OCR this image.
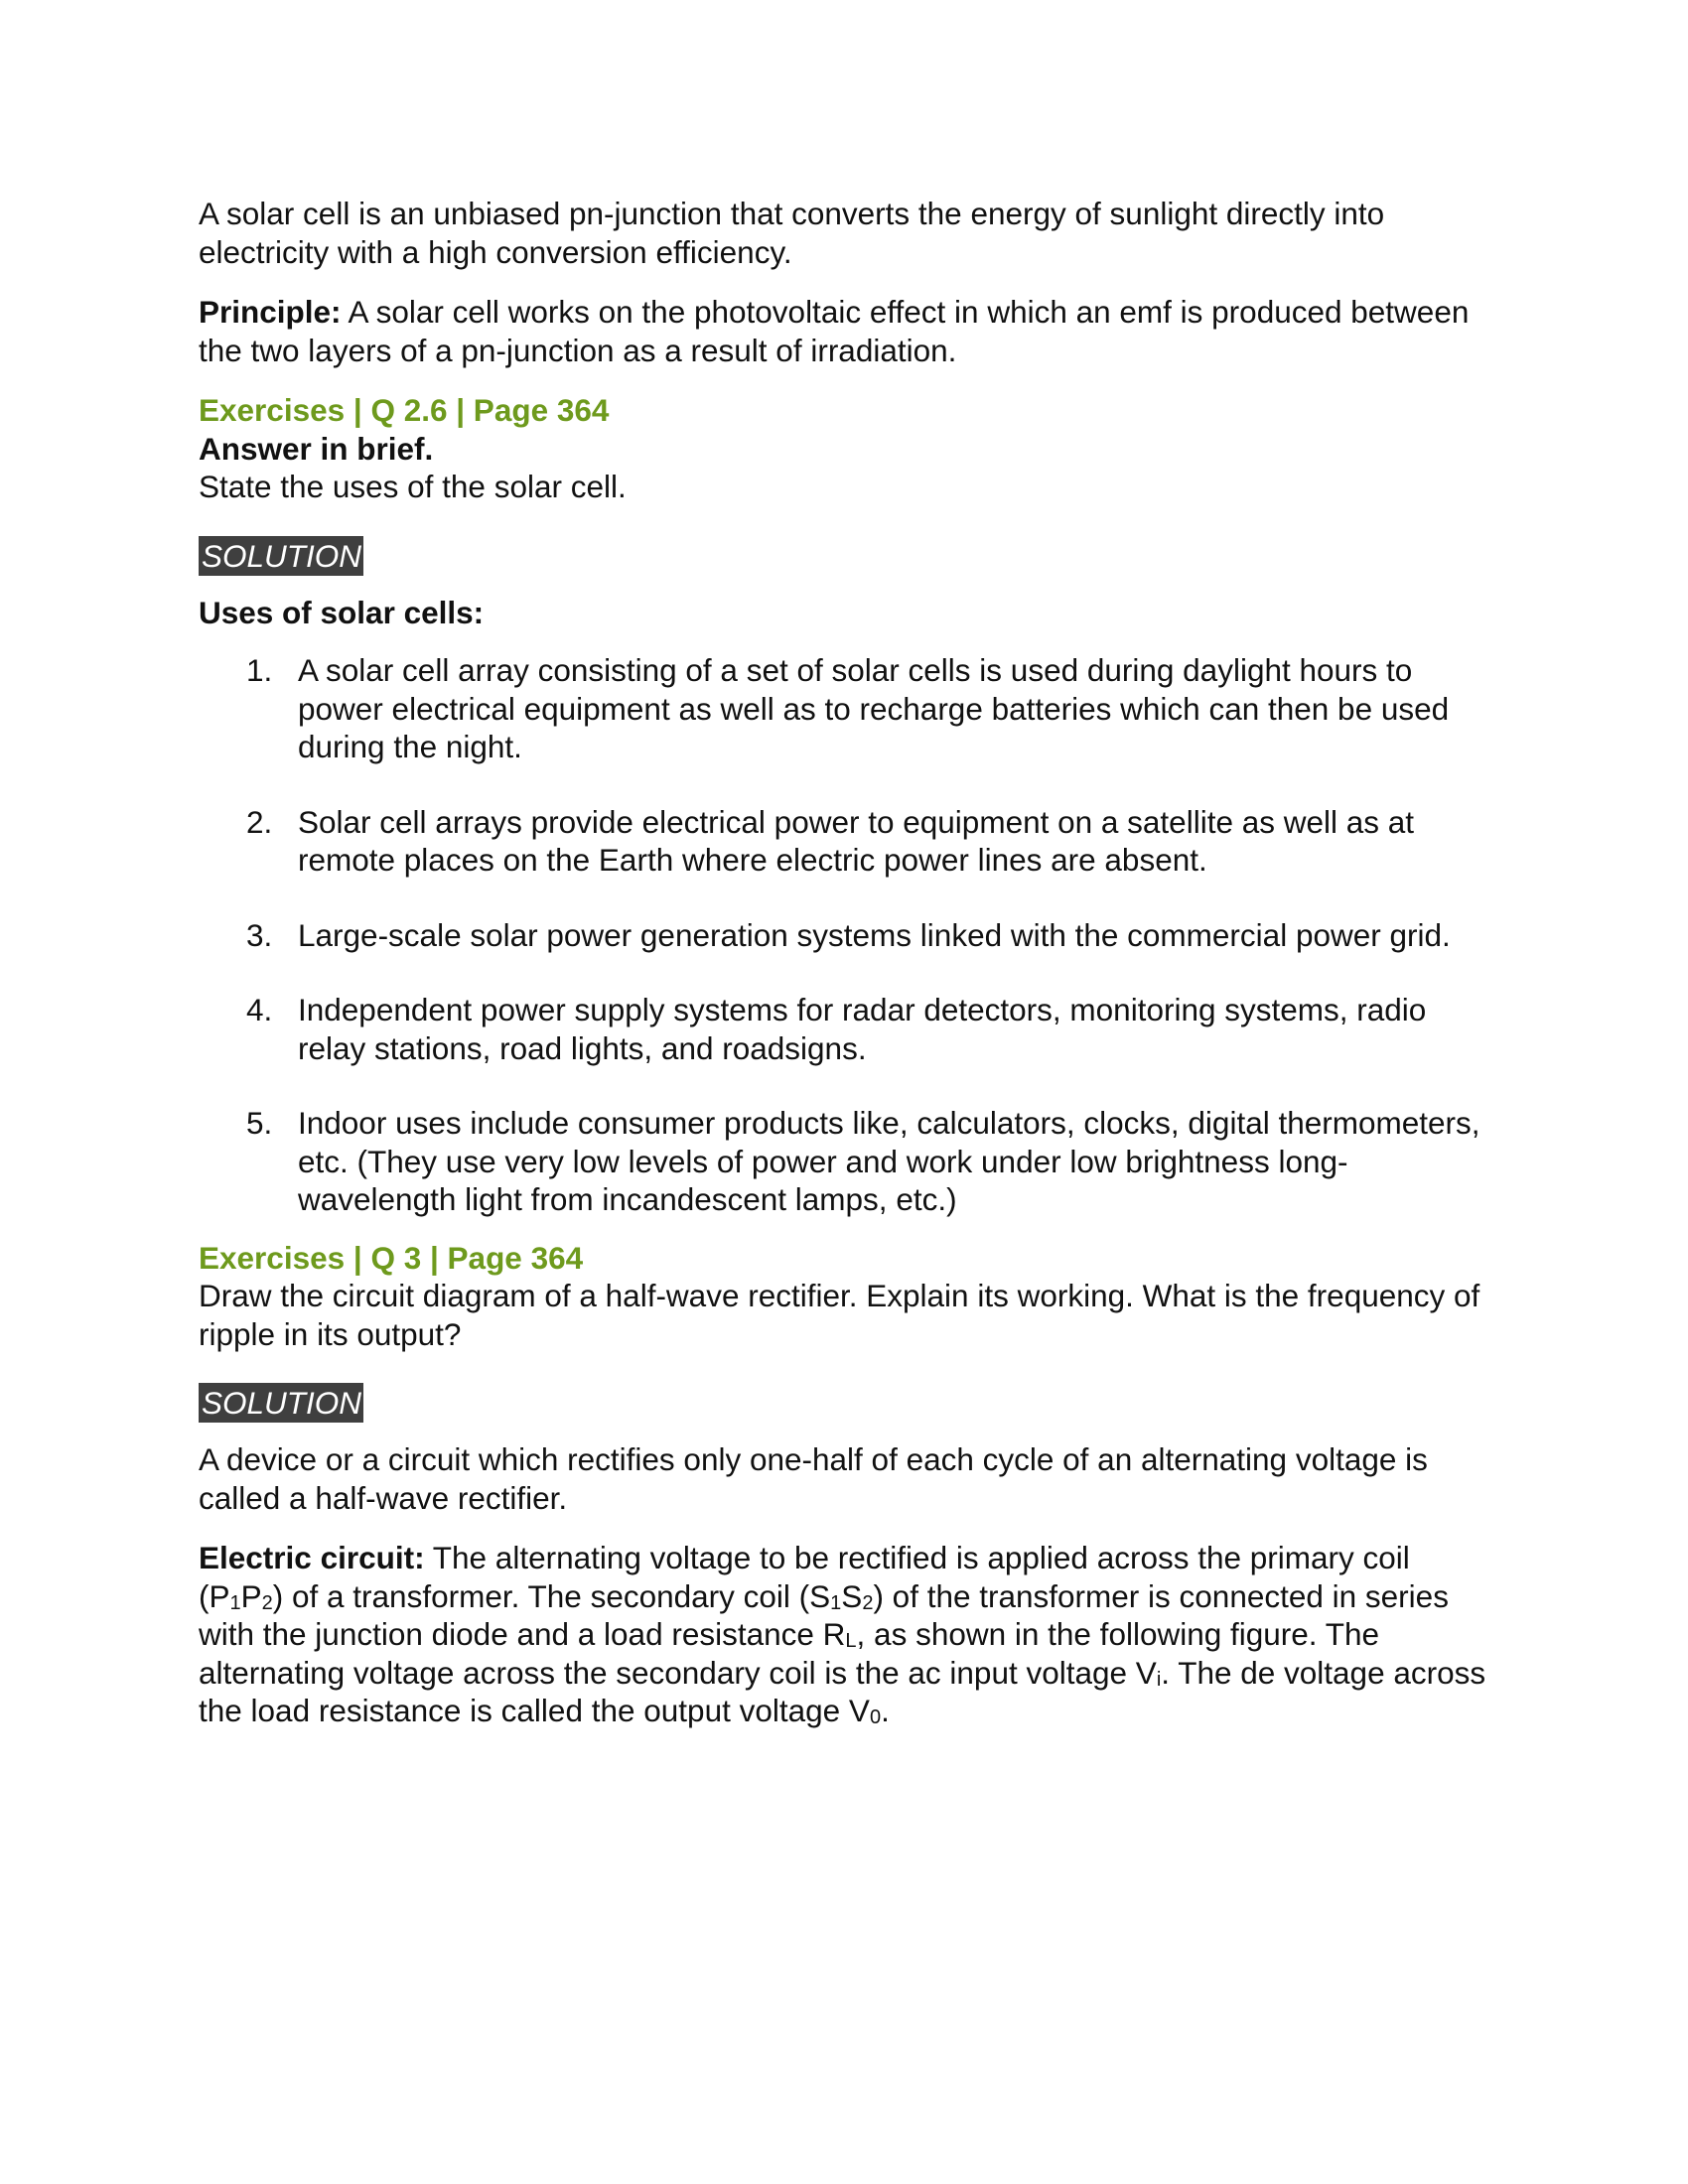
A solar cell is an unbiased pn-junction that converts the energy of sunlight directly into electricity with a high conversion efficiency.

Principle: A solar cell works on the photovoltaic effect in which an emf is produced between the two layers of a pn-junction as a result of irradiation.

Exercises | Q 2.6 | Page 364

Answer in brief.

State the uses of the solar cell.

SOLUTION

Uses of solar cells:

1. A solar cell array consisting of a set of solar cells is used during daylight hours to power electrical equipment as well as to recharge batteries which can then be used during the night.
2. Solar cell arrays provide electrical power to equipment on a satellite as well as at remote places on the Earth where electric power lines are absent.
3. Large-scale solar power generation systems linked with the commercial power grid.
4. Independent power supply systems for radar detectors, monitoring systems, radio relay stations, road lights, and roadsigns.
5. Indoor uses include consumer products like, calculators, clocks, digital thermometers, etc. (They use very low levels of power and work under low brightness long-wavelength light from incandescent lamps, etc.)

Exercises | Q 3 | Page 364

Draw the circuit diagram of a half-wave rectifier. Explain its working. What is the frequency of ripple in its output?

SOLUTION

A device or a circuit which rectifies only one-half of each cycle of an alternating voltage is called a half-wave rectifier.

Electric circuit: The alternating voltage to be rectified is applied across the primary coil $(P_1P_2)$ of a transformer. The secondary coil $(S_1S_2)$ of the transformer is connected in series with the junction diode and a load resistance $R_L$, as shown in the following figure. The alternating voltage across the secondary coil is the ac input voltage $V_i$. The de voltage across the load resistance is called the output voltage $V_0$.
